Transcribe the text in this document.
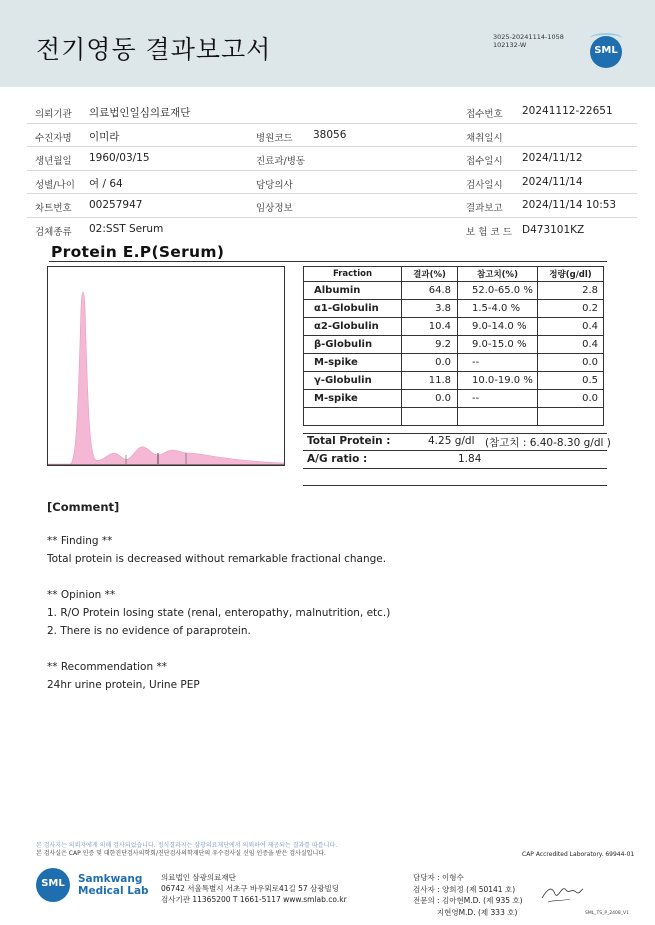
전기영동 결과보고서	3025-20241114-1058
102132-W	SML
의뢰기관 의료법인일심의료재단	접수번호 20241112-22651
수진자명 이미라	병원코드 38056	채취일시
생년월일 1960/03/15	진료과/병동	접수일시 2024/11/12
성별/나이 여 / 64	담당의사	검사일시 2024/11/14
차트번호 00257947	임상정보	결과보고 2024/11/14 10:53
검체종류 02:SST Serum	보 험 코 드 D473101KZ
Protein E.P(Serum)
Fraction	결과(%)	참고치(%)	정량(g/dl)
Albumin	64.8	52.0-65.0 %	2.8
α1-Globulin	3.8	1.5-4.0 %	0.2
α2-Globulin	10.4	9.0-14.0 %	0.4
β-Globulin	9.2	9.0-15.0 %	0.4
M-spike	0.0	--	0.0
γ-Globulin	11.8	10.0-19.0 %	0.5
M-spike	0.0	--	0.0

Total Protein :	4.25 g/dl (참고치 : 6.40-8.30 g/dl )
A/G ratio :	1.84
[Comment]
** Finding **
Total protein is decreased without remarkable fractional change.
** Opinion **
1. R/O Protein losing state (renal, enteropathy, malnutrition, etc.)
2. There is no evidence of paraprotein.
** Recommendation **
24hr urine protein, Urine PEP
본 검사지는 의뢰자에게 의해 검사되었습니다. 정식결과지는 삼광의료재단에서 의뢰하여 제공되는 결과를 따릅니다.
본 검사실은 CAP 인증 및 대한진단검사의학회/진단검사의학재단의 우수검사실 신임 인증을 받은 검사실입니다.	CAP Accredited Laboratory. 69944-01
SML	Samkwang
Medical Lab
의료법인 삼광의료재단
06742 서울특별시 서초구 바우뫼로41길 57 삼광빌딩
검사기관 11365200 T 1661-5117 www.smlab.co.kr
담당자 : 이형수
검사자 : 양희정 (제 50141 호)
전문의 : 김아현M.D. (제 935 호)
지현영M.D. (제 333 호)	SML_TS_P_2408_V1
